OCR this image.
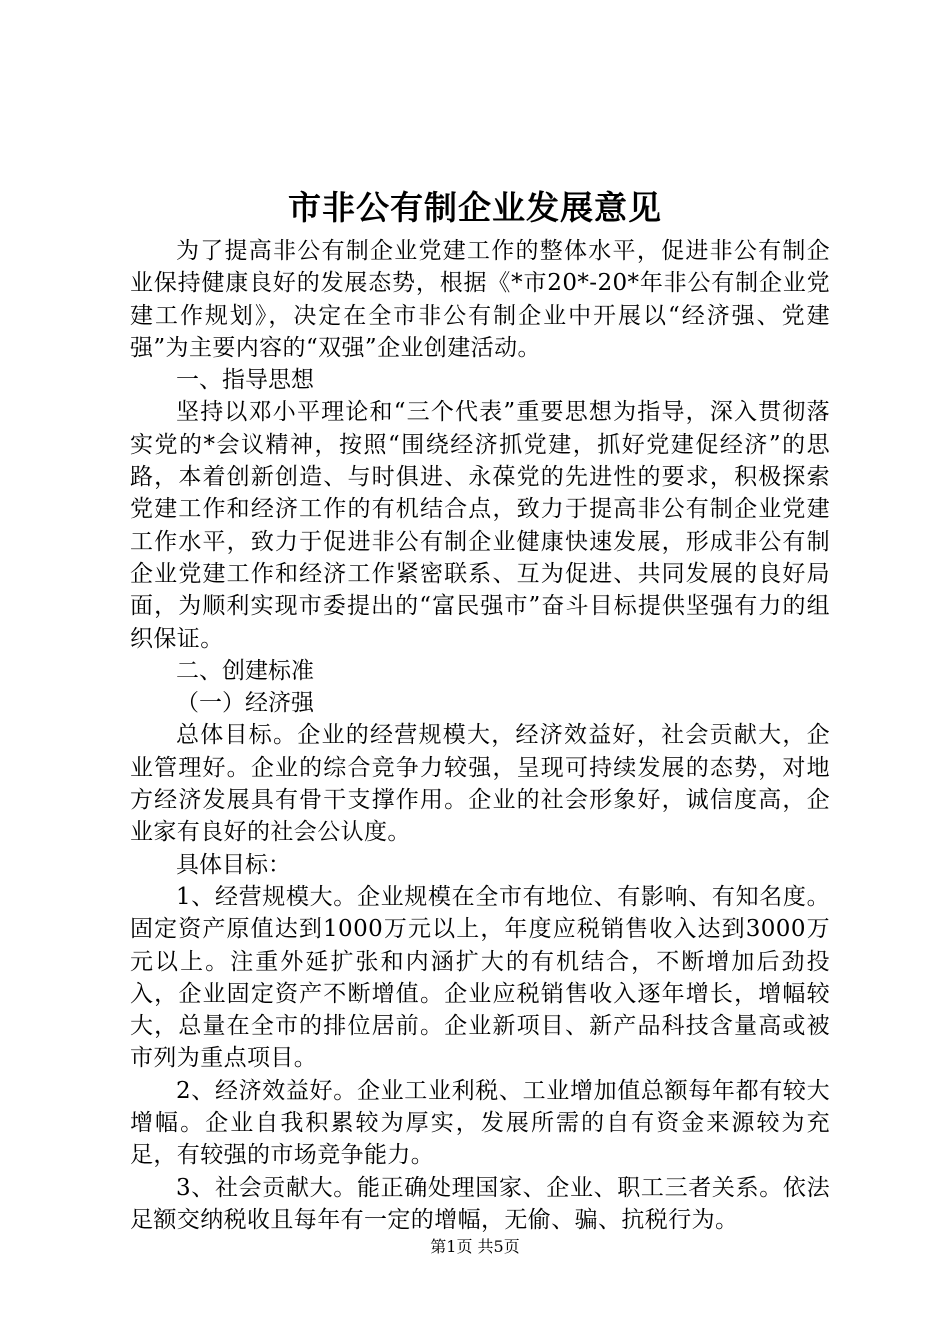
市非公有制企业发展意见

为了提高非公有制企业党建工作的整体水平，促进非公有制企业保持健康良好的发展态势，根据《*市20*-20*年非公有制企业党建工作规划》，决定在全市非公有制企业中开展以“经济强、党建强”为主要内容的“双强”企业创建活动。

一、指导思想

坚持以邓小平理论和“三个代表”重要思想为指导，深入贯彻落实党的*会议精神，按照“围绕经济抓党建，抓好党建促经济”的思路，本着创新创造、与时俱进、永葆党的先进性的要求，积极探索党建工作和经济工作的有机结合点，致力于提高非公有制企业党建工作水平，致力于促进非公有制企业健康快速发展，形成非公有制企业党建工作和经济工作紧密联系、互为促进、共同发展的良好局面，为顺利实现市委提出的“富民强市”奋斗目标提供坚强有力的组织保证。

二、创建标准

（一）经济强

总体目标。企业的经营规模大，经济效益好，社会贡献大，企业管理好。企业的综合竞争力较强，呈现可持续发展的态势，对地方经济发展具有骨干支撑作用。企业的社会形象好，诚信度高，企业家有良好的社会公认度。

具体目标：

1、经营规模大。企业规模在全市有地位、有影响、有知名度。固定资产原值达到1000万元以上，年度应税销售收入达到3000万元以上。注重外延扩张和内涵扩大的有机结合，不断增加后劲投入，企业固定资产不断增值。企业应税销售收入逐年增长，增幅较大，总量在全市的排位居前。企业新项目、新产品科技含量高或被市列为重点项目。

2、经济效益好。企业工业利税、工业增加值总额每年都有较大增幅。企业自我积累较为厚实，发展所需的自有资金来源较为充足，有较强的市场竞争能力。

3、社会贡献大。能正确处理国家、企业、职工三者关系。依法足额交纳税收且每年有一定的增幅，无偷、骗、抗税行为。

第1页 共5页
